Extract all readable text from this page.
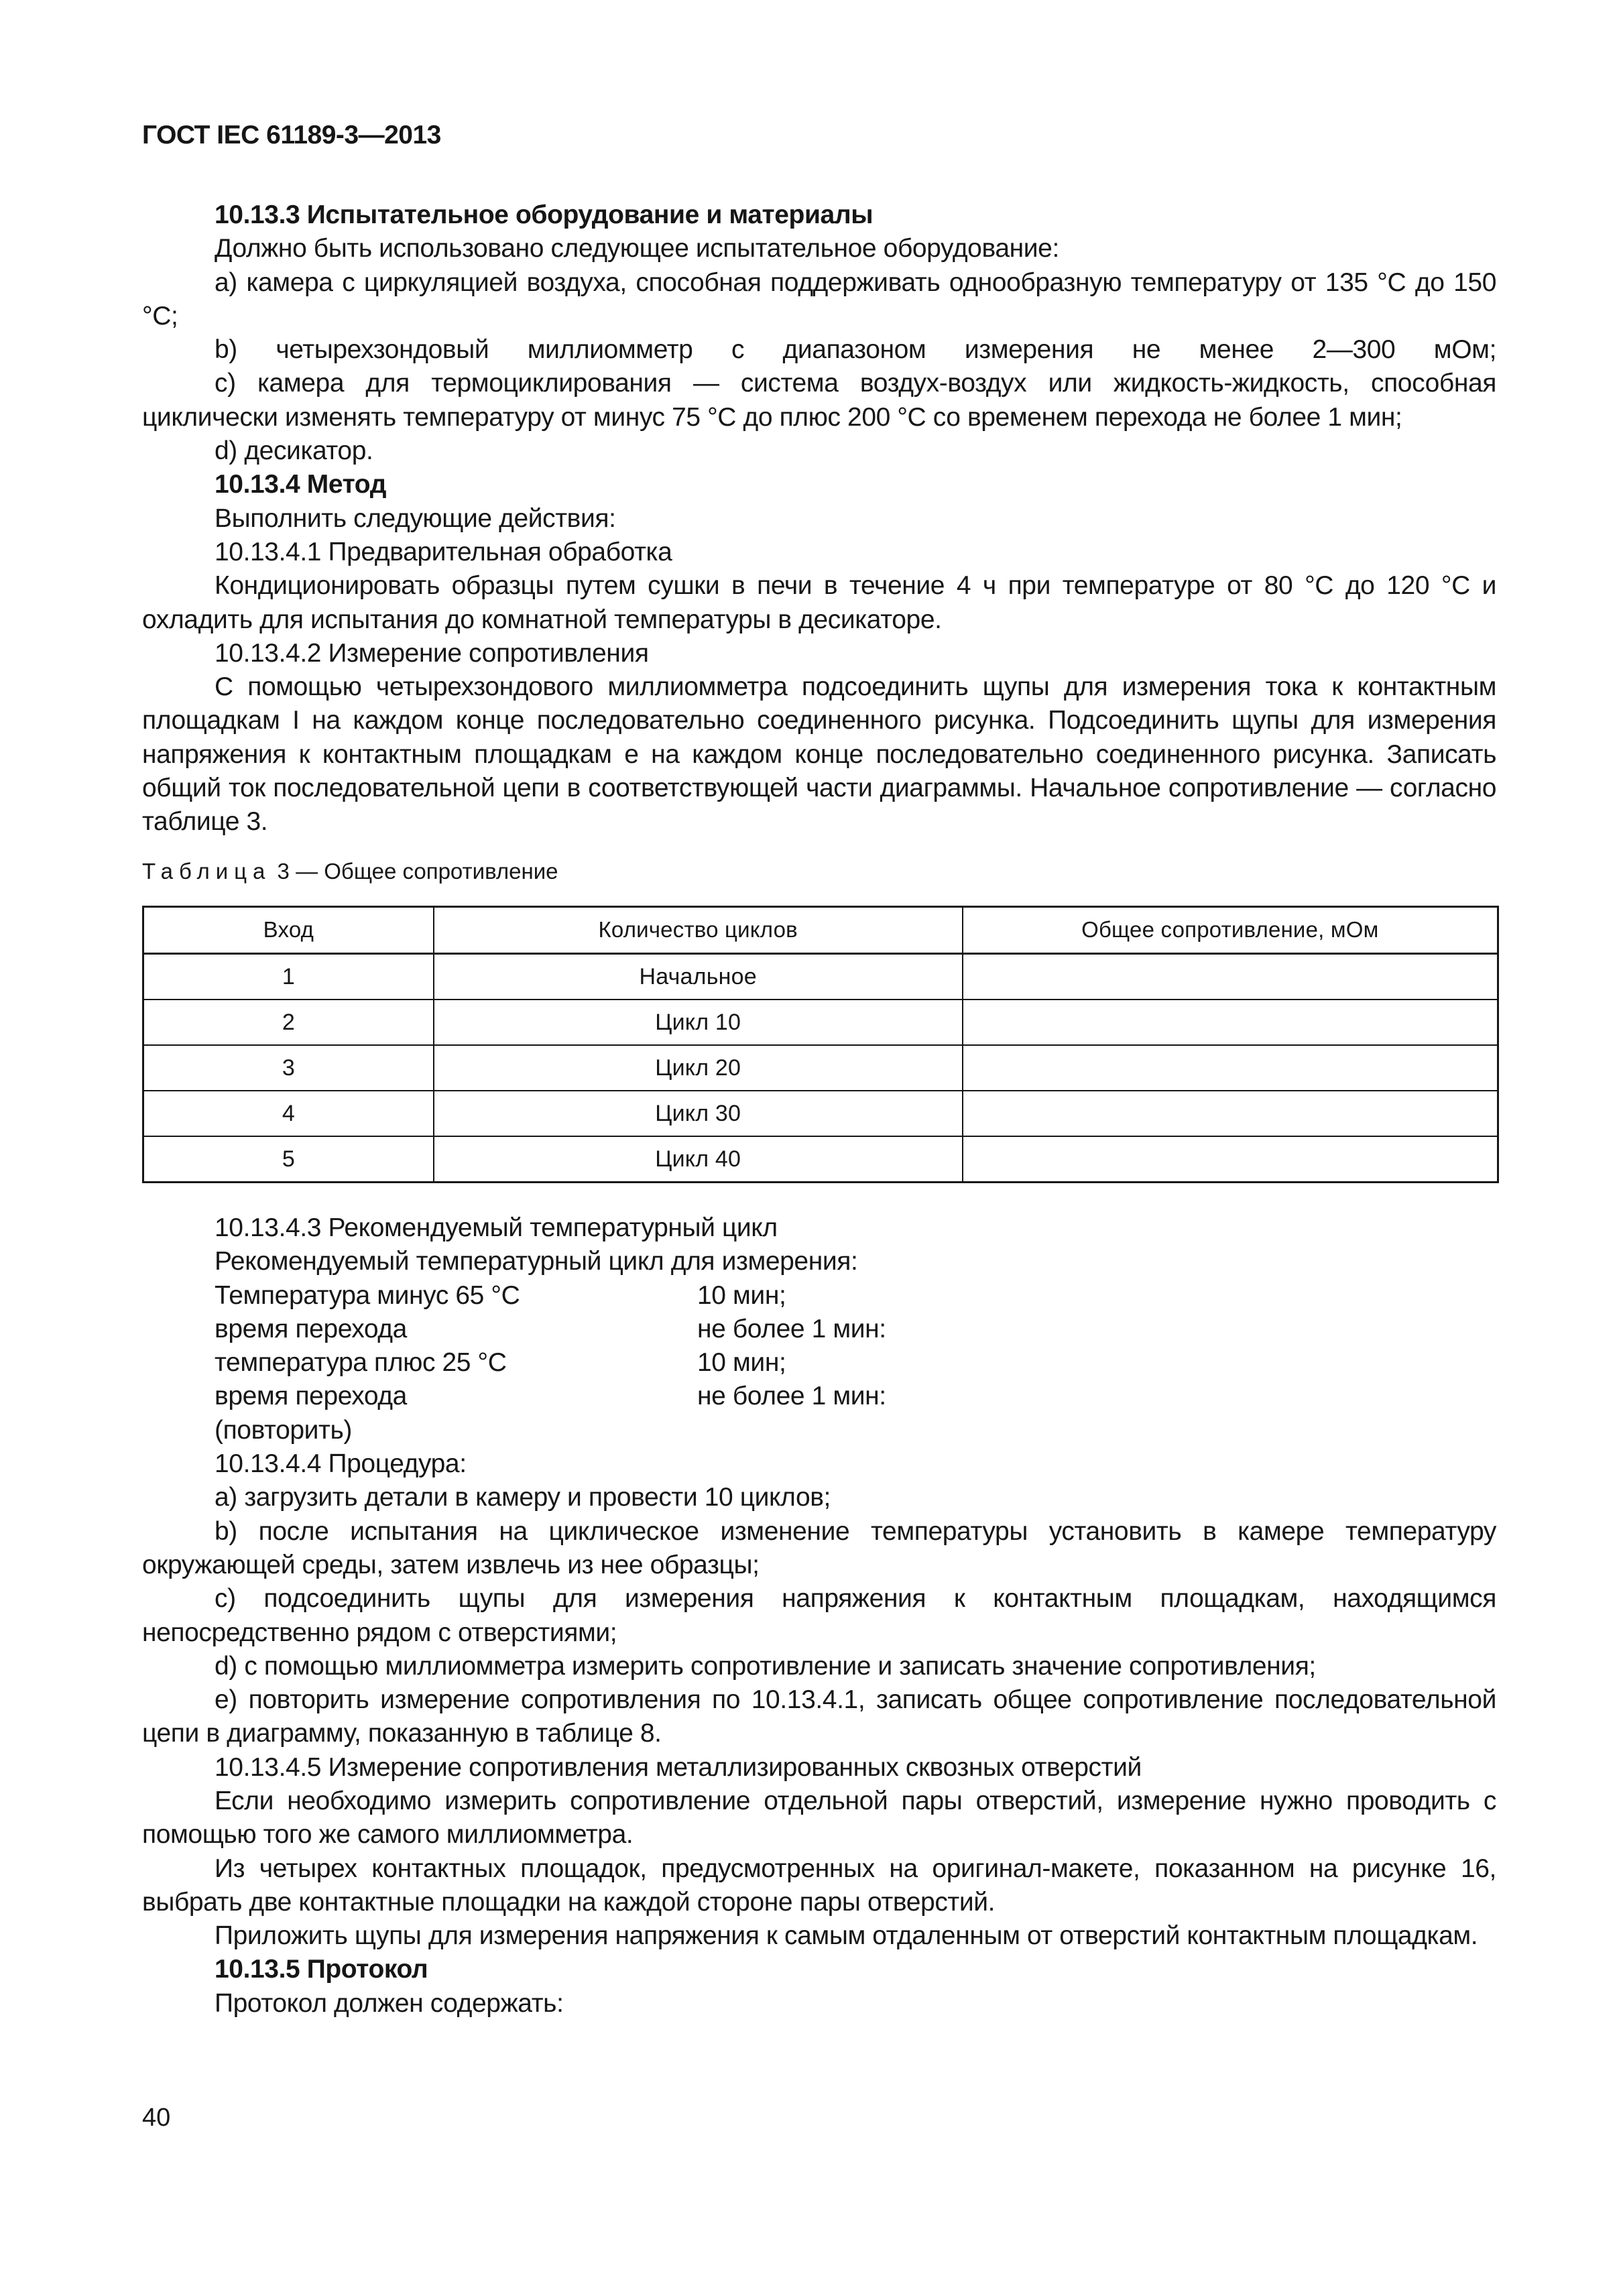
ГОСТ IEC 61189-3—2013
10.13.3 Испытательное оборудование и материалы
Должно быть использовано следующее испытательное оборудование:
a) камера с циркуляцией воздуха, способная поддерживать однообразную температуру от 135 °C до 150 °C;
b) четырехзондовый миллиомметр с диапазоном измерения не менее 2—300 мОм;
c) камера для термоциклирования — система воздух-воздух или жидкость-жидкость, способная циклически изменять температуру от минус 75 °C до плюс 200 °C со временем перехода не более 1 мин;
d) десикатор.
10.13.4 Метод
Выполнить следующие действия:
10.13.4.1 Предварительная обработка
Кондиционировать образцы путем сушки в печи в течение 4 ч при температуре от 80 °C до 120 °C и охладить для испытания до комнатной температуры в десикаторе.
10.13.4.2 Измерение сопротивления
С помощью четырехзондового миллиомметра подсоединить щупы для измерения тока к контактным площадкам I на каждом конце последовательно соединенного рисунка. Подсоединить щупы для измерения напряжения к контактным площадкам e на каждом конце последовательно соединенного рисунка. Записать общий ток последовательной цепи в соответствующей части диаграммы. Начальное сопротивление — согласно таблице 3.
Таблица 3 — Общее сопротивление
Вход	Количество циклов	Общее сопротивление, мОм
1	Начальное	
2	Цикл 10	
3	Цикл 20	
4	Цикл 30	
5	Цикл 40	
10.13.4.3 Рекомендуемый температурный цикл
Рекомендуемый температурный цикл для измерения:
Температура минус 65 °C	10 мин;
время перехода	не более 1 мин:
температура плюс 25 °C	10 мин;
время перехода	не более 1 мин:
(повторить)
10.13.4.4 Процедура:
a) загрузить детали в камеру и провести 10 циклов;
b) после испытания на циклическое изменение температуры установить в камере температуру окружающей среды, затем извлечь из нее образцы;
c) подсоединить щупы для измерения напряжения к контактным площадкам, находящимся непосредственно рядом с отверстиями;
d) с помощью миллиомметра измерить сопротивление и записать значение сопротивления;
e) повторить измерение сопротивления по 10.13.4.1, записать общее сопротивление последовательной цепи в диаграмму, показанную в таблице 8.
10.13.4.5 Измерение сопротивления металлизированных сквозных отверстий
Если необходимо измерить сопротивление отдельной пары отверстий, измерение нужно проводить с помощью того же самого миллиомметра.
Из четырех контактных площадок, предусмотренных на оригинал-макете, показанном на рисунке 16, выбрать две контактные площадки на каждой стороне пары отверстий.
Приложить щупы для измерения напряжения к самым отдаленным от отверстий контактным площадкам.
10.13.5 Протокол
Протокол должен содержать:
40
